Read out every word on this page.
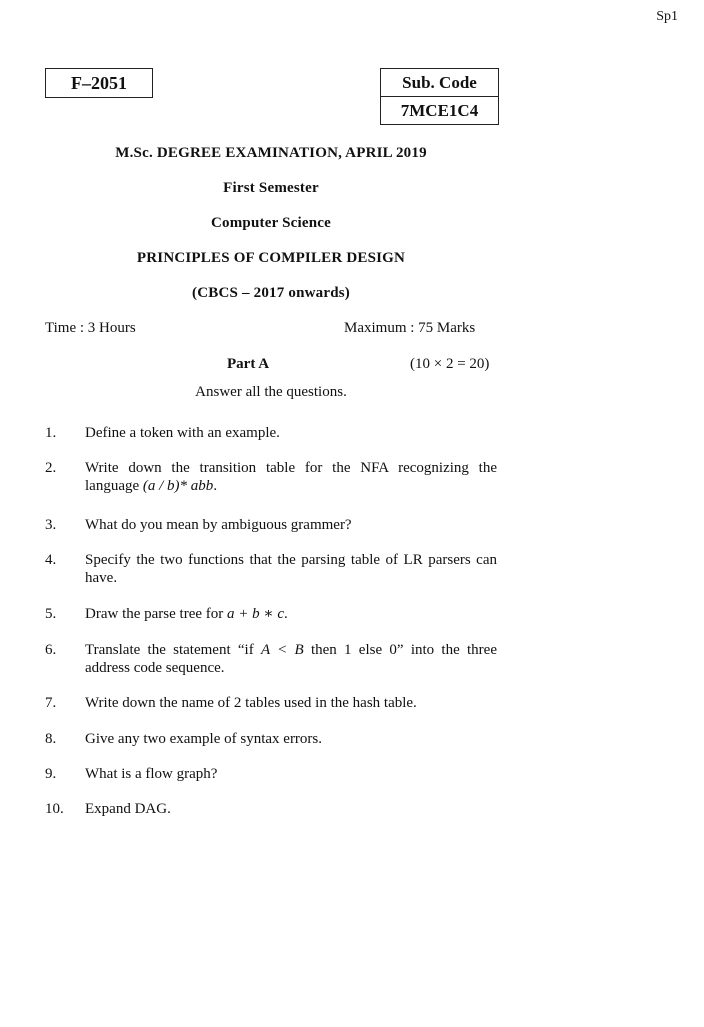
Sp1
F–2051	Sub. Code
7MCE1C4
M.Sc. DEGREE EXAMINATION, APRIL 2019
First Semester
Computer Science
PRINCIPLES OF COMPILER DESIGN
(CBCS – 2017 onwards)
Time : 3 Hours	Maximum : 75 Marks
Part A	(10 × 2 = 20)
Answer all the questions.
1. Define a token with an example.
2. Write down the transition table for the NFA recognizing the language (a / b)* abb.
3. What do you mean by ambiguous grammer?
4. Specify the two functions that the parsing table of LR parsers can have.
5. Draw the parse tree for a + b ∗ c.
6. Translate the statement “if A < B then 1 else 0” into the three address code sequence.
7. Write down the name of 2 tables used in the hash table.
8. Give any two example of syntax errors.
9. What is a flow graph?
10. Expand DAG.
